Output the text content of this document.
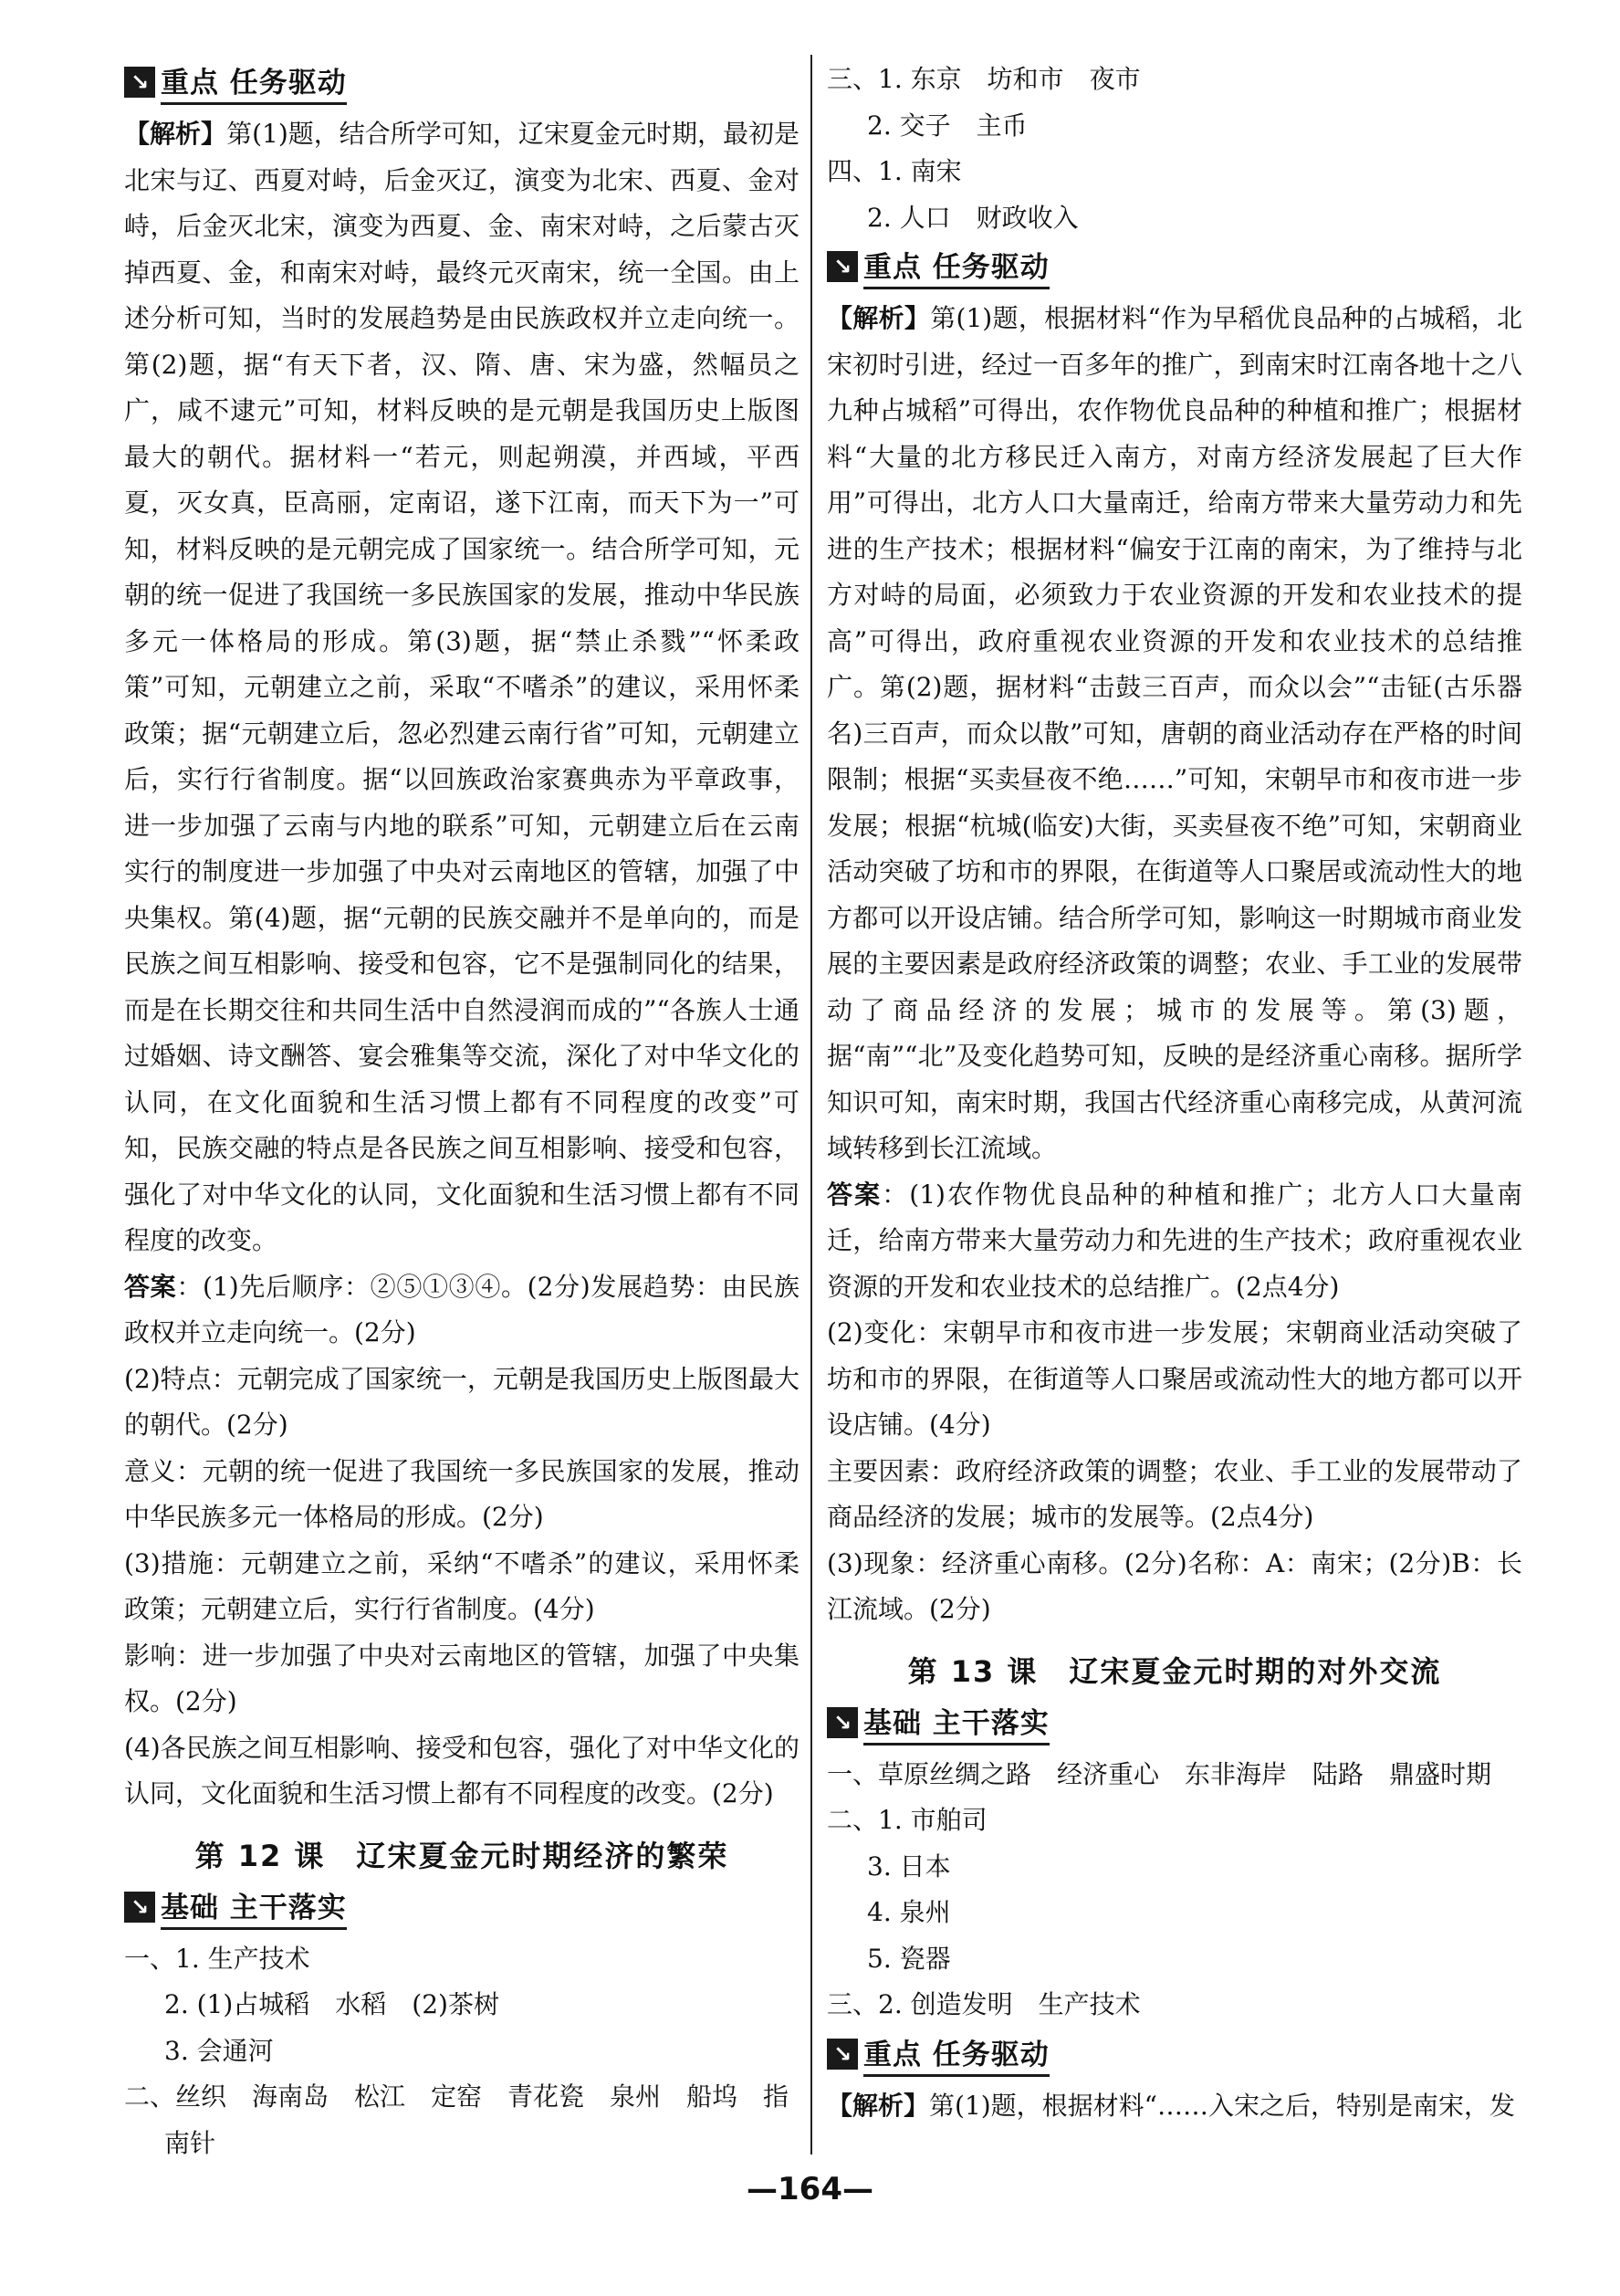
↘ 重点 任务驱动

【解析】第(1)题，结合所学可知，辽宋夏金元时期，最初是北宋与辽、西夏对峙，后金灭辽，演变为北宋、西夏、金对峙，后金灭北宋，演变为西夏、金、南宋对峙，之后蒙古灭掉西夏、金，和南宋对峙，最终元灭南宋，统一全国。由上述分析可知，当时的发展趋势是由民族政权并立走向统一。第(2)题，据“有天下者，汉、隋、唐、宋为盛，然幅员之广，咸不逮元”可知，材料反映的是元朝是我国历史上版图最大的朝代。据材料一“若元，则起朔漠，并西域，平西夏，灭女真，臣高丽，定南诏，遂下江南，而天下为一”可知，材料反映的是元朝完成了国家统一。结合所学可知，元朝的统一促进了我国统一多民族国家的发展，推动中华民族多元一体格局的形成。第(3)题，据“禁止杀戮”“怀柔政策”可知，元朝建立之前，采取“不嗜杀”的建议，采用怀柔政策；据“元朝建立后，忽必烈建云南行省”可知，元朝建立后，实行行省制度。据“以回族政治家赛典赤为平章政事，进一步加强了云南与内地的联系”可知，元朝建立后在云南实行的制度进一步加强了中央对云南地区的管辖，加强了中央集权。第(4)题，据“元朝的民族交融并不是单向的，而是民族之间互相影响、接受和包容，它不是强制同化的结果，而是在长期交往和共同生活中自然浸润而成的”“各族人士通过婚姻、诗文酬答、宴会雅集等交流，深化了对中华文化的认同，在文化面貌和生活习惯上都有不同程度的改变”可知，民族交融的特点是各民族之间互相影响、接受和包容，强化了对中华文化的认同，文化面貌和生活习惯上都有不同程度的改变。

答案：(1)先后顺序：②⑤①③④。(2分)发展趋势：由民族政权并立走向统一。(2分)

(2)特点：元朝完成了国家统一，元朝是我国历史上版图最大的朝代。(2分)

意义：元朝的统一促进了我国统一多民族国家的发展，推动中华民族多元一体格局的形成。(2分)

(3)措施：元朝建立之前，采纳“不嗜杀”的建议，采用怀柔政策；元朝建立后，实行行省制度。(4分)

影响：进一步加强了中央对云南地区的管辖，加强了中央集权。(2分)

(4)各民族之间互相影响、接受和包容，强化了对中华文化的认同，文化面貌和生活习惯上都有不同程度的改变。(2分)

第 12 课　辽宋夏金元时期经济的繁荣
↘ 基础 主干落实

一、1. 生产技术

2. (1)占城稻　水稻　(2)茶树

3. 会通河

二、丝织　海南岛　松江　定窑　青花瓷　泉州　船坞　指

南针

三、1. 东京　坊和市　夜市

2. 交子　主币

四、1. 南宋

2. 人口　财政收入

↘ 重点 任务驱动

【解析】第(1)题，根据材料“作为早稻优良品种的占城稻，北宋初时引进，经过一百多年的推广，到南宋时江南各地十之八九种占城稻”可得出，农作物优良品种的种植和推广；根据材料“大量的北方移民迁入南方，对南方经济发展起了巨大作用”可得出，北方人口大量南迁，给南方带来大量劳动力和先进的生产技术；根据材料“偏安于江南的南宋，为了维持与北方对峙的局面，必须致力于农业资源的开发和农业技术的提高”可得出，政府重视农业资源的开发和农业技术的总结推广。第(2)题，据材料“击鼓三百声，而众以会”“击钲(古乐器名)三百声，而众以散”可知，唐朝的商业活动存在严格的时间限制；根据“买卖昼夜不绝……”可知，宋朝早市和夜市进一步发展；根据“杭城(临安)大街，买卖昼夜不绝”可知，宋朝商业活动突破了坊和市的界限，在街道等人口聚居或流动性大的地方都可以开设店铺。结合所学可知，影响这一时期城市商业发展的主要因素是政府经济政策的调整；农业、手工业的发展带动了商品经济的发展；城市的发展等。第(3)题，据“南”“北”及变化趋势可知，反映的是经济重心南移。据所学知识可知，南宋时期，我国古代经济重心南移完成，从黄河流域转移到长江流域。

答案：(1)农作物优良品种的种植和推广；北方人口大量南迁，给南方带来大量劳动力和先进的生产技术；政府重视农业资源的开发和农业技术的总结推广。(2点4分)

(2)变化：宋朝早市和夜市进一步发展；宋朝商业活动突破了坊和市的界限，在街道等人口聚居或流动性大的地方都可以开设店铺。(4分)

主要因素：政府经济政策的调整；农业、手工业的发展带动了商品经济的发展；城市的发展等。(2点4分)

(3)现象：经济重心南移。(2分)名称：A：南宋；(2分)B：长江流域。(2分)

第 13 课　辽宋夏金元时期的对外交流
↘ 基础 主干落实

一、草原丝绸之路　经济重心　东非海岸　陆路　鼎盛时期

二、1. 市舶司

3. 日本

4. 泉州

5. 瓷器

三、2. 创造发明　生产技术

↘ 重点 任务驱动

【解析】第(1)题，根据材料“……入宋之后，特别是南宋，发

—164—
